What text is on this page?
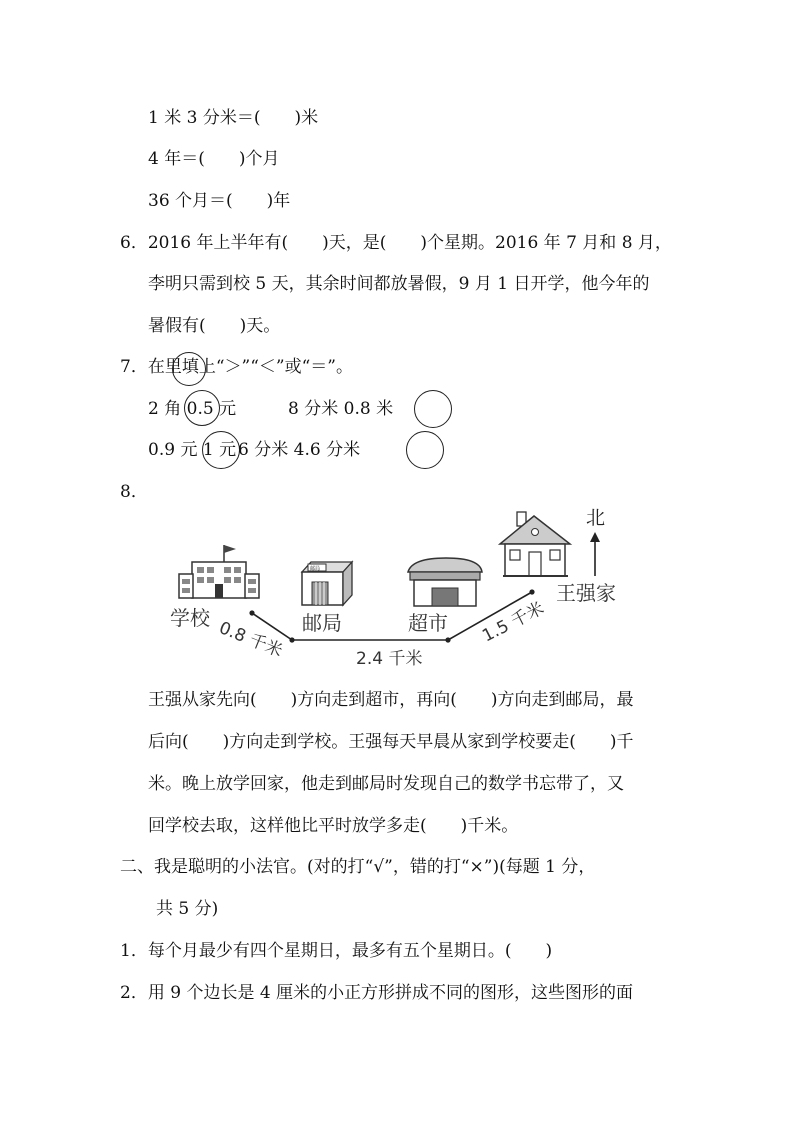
1 米 3 分米＝(　　)米
4 年＝(　　)个月
36 个月＝(　　)年
6．2016 年上半年有(　　)天，是(　　)个星期。2016 年 7 月和 8 月，
李明只需到校 5 天，其余时间都放暑假，9 月 1 日开学，他今年的
暑假有(　　)天。
7．在里填上“＞”“＜”或“＝”。
2 角 0.5 元	8 分米 0.8 米
0.9 元 1 元 6 分米 4.6 分米
8．
邮局
北
学校	邮局	超市
王强家
0.8 千米	2.4 千米
1.5 千米
王强从家先向(　　)方向走到超市，再向(　　)方向走到邮局，最
后向(　　)方向走到学校。王强每天早晨从家到学校要走(　　)千
米。晚上放学回家，他走到邮局时发现自己的数学书忘带了，又
回学校去取，这样他比平时放学多走(　　)千米。
二、我是聪明的小法官。(对的打“√”，错的打“×”)(每题 1 分，
共 5 分)
1．每个月最少有四个星期日，最多有五个星期日。(　　)
2．用 9 个边长是 4 厘米的小正方形拼成不同的图形，这些图形的面
